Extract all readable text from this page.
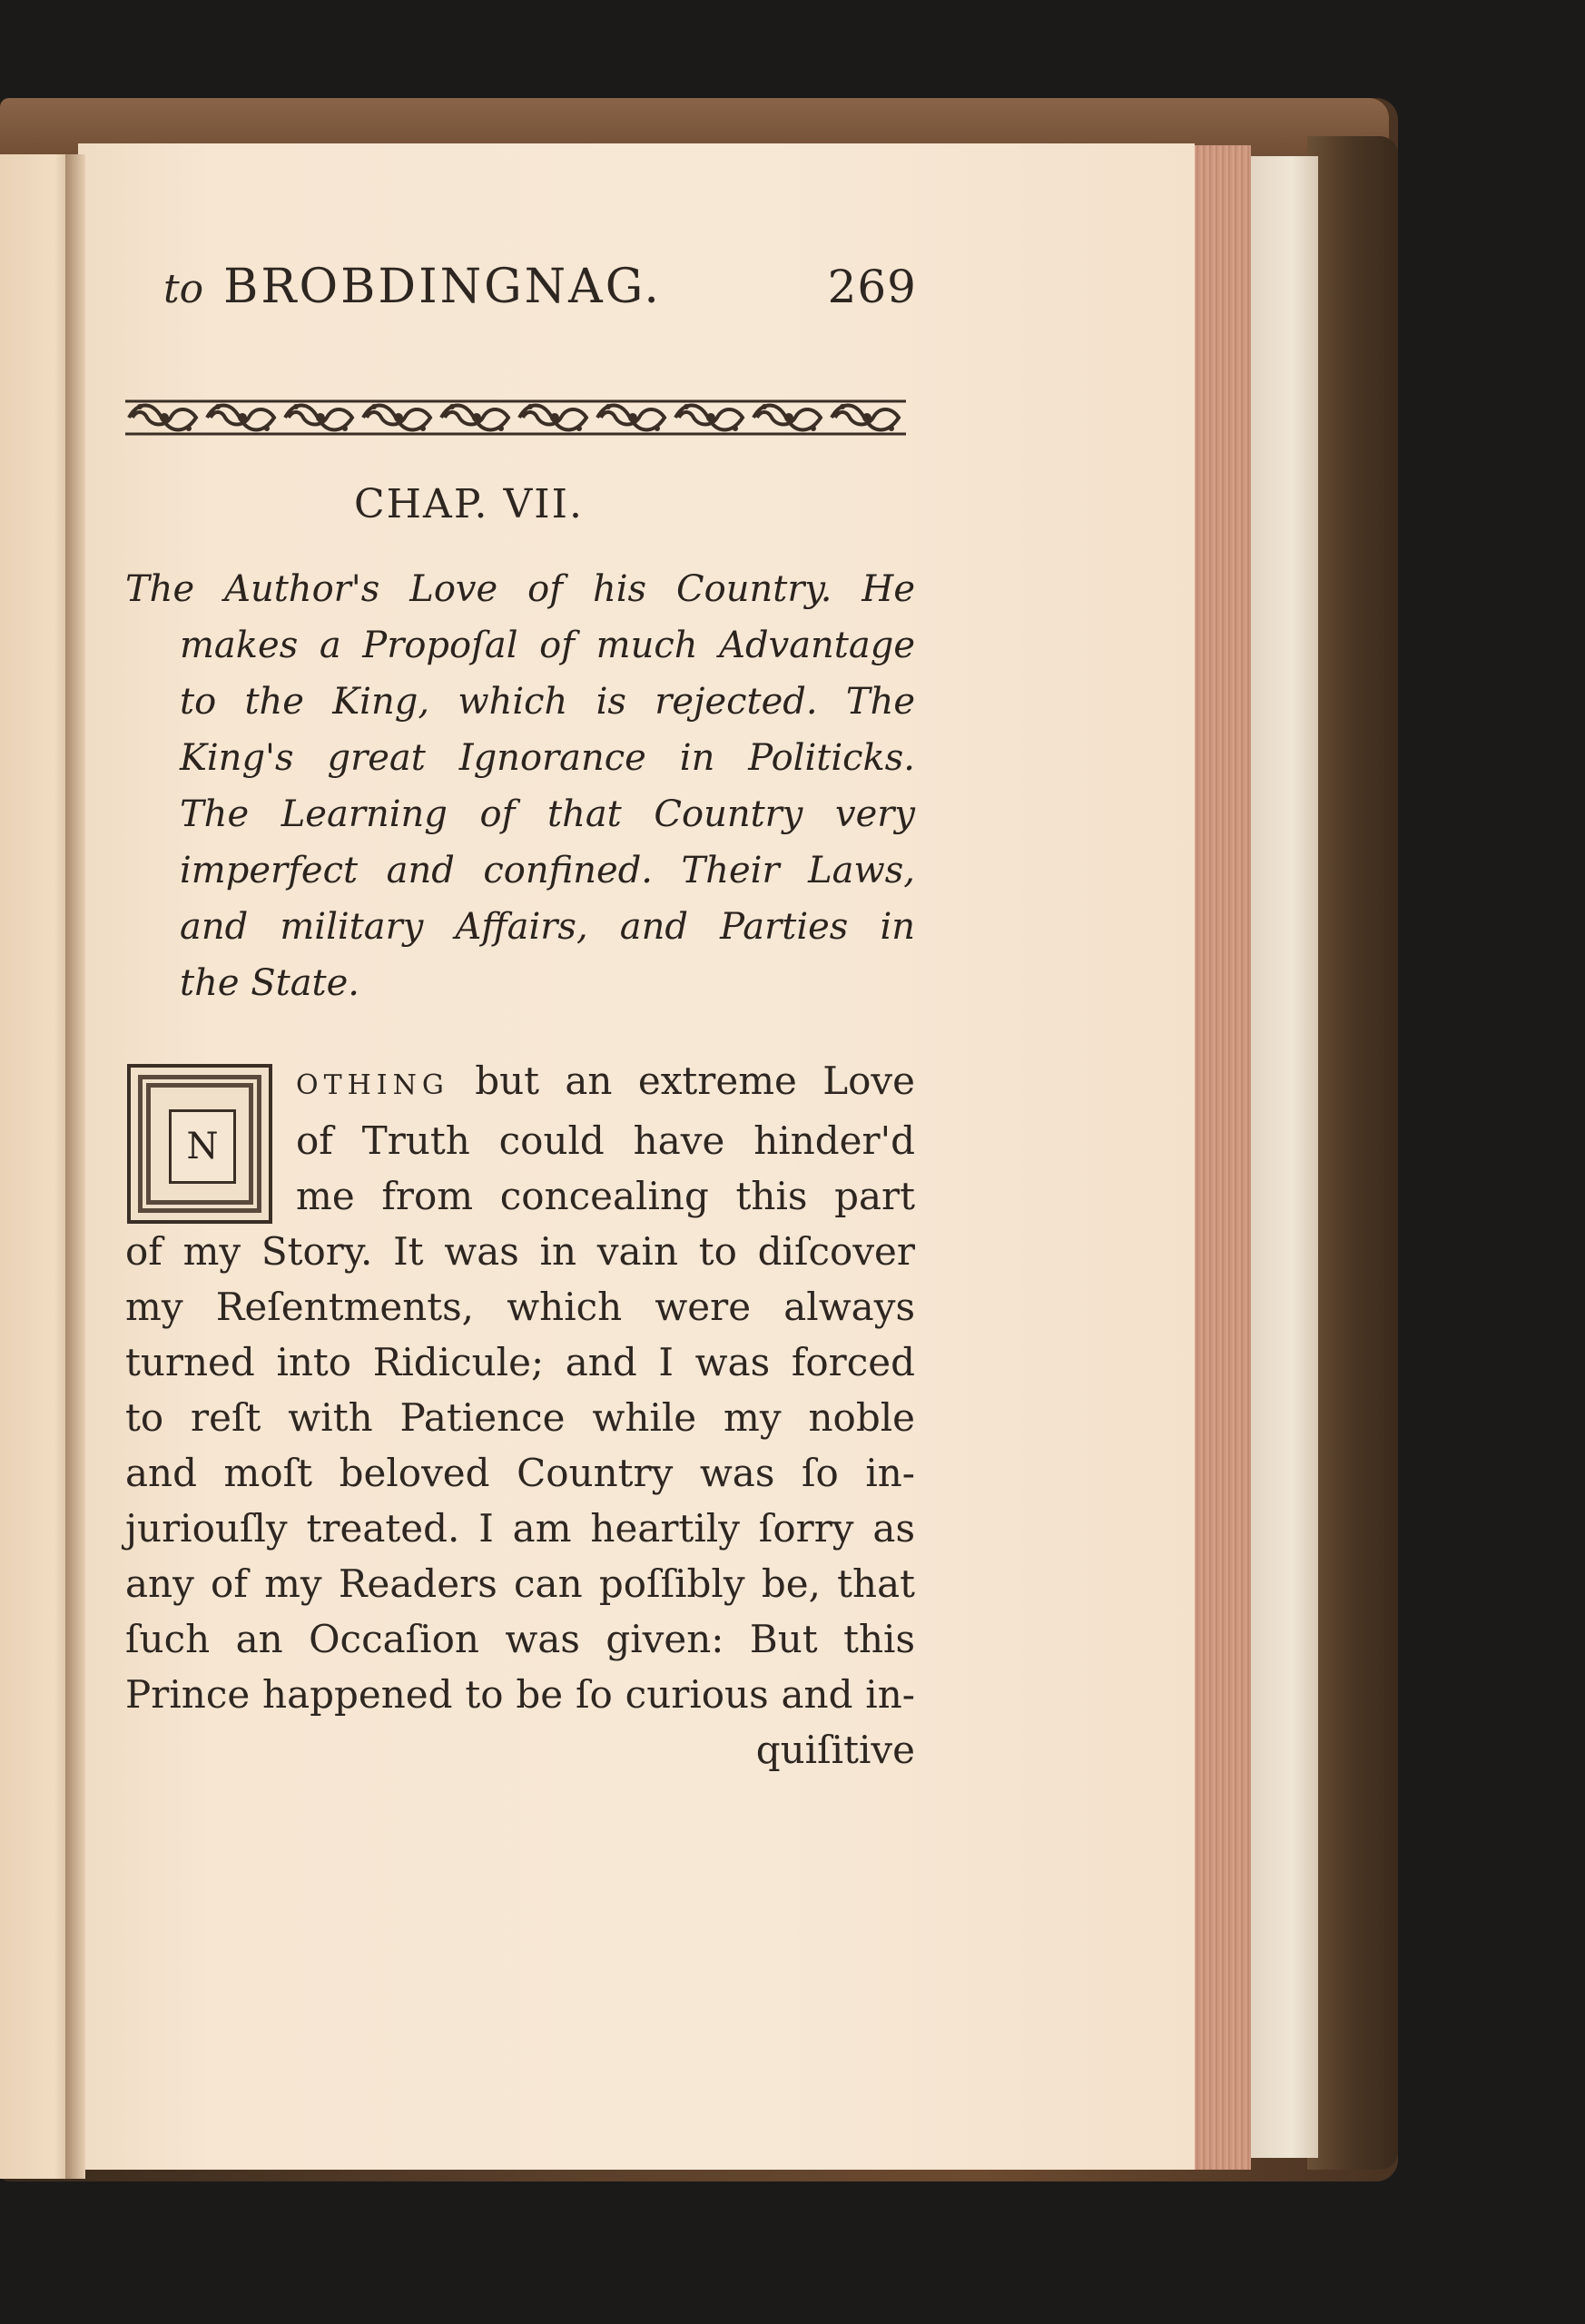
to BROBDINGNAG.	269
CHAP. VII.
The Author's Love of his Country. He
makes a Propoſal of much Advantage
to the King, which is rejected. The
King's great Ignorance in Politicks.
The Learning of that Country very
imperfect and confined. Their Laws,
and military Affairs, and Parties in
the State.
N
OTHING but an extreme Love
of Truth could have hinder'd
me from concealing this part
of my Story. It was in vain to diſcover
my Reſentments, which were always
turned into Ridicule; and I was forced
to reſt with Patience while my noble
and moſt beloved Country was ſo in-
juriouſly treated. I am heartily ſorry as
any of my Readers can poſſibly be, that
ſuch an Occaſion was given: But this
Prince happened to be ſo curious and in-
quiſitive
